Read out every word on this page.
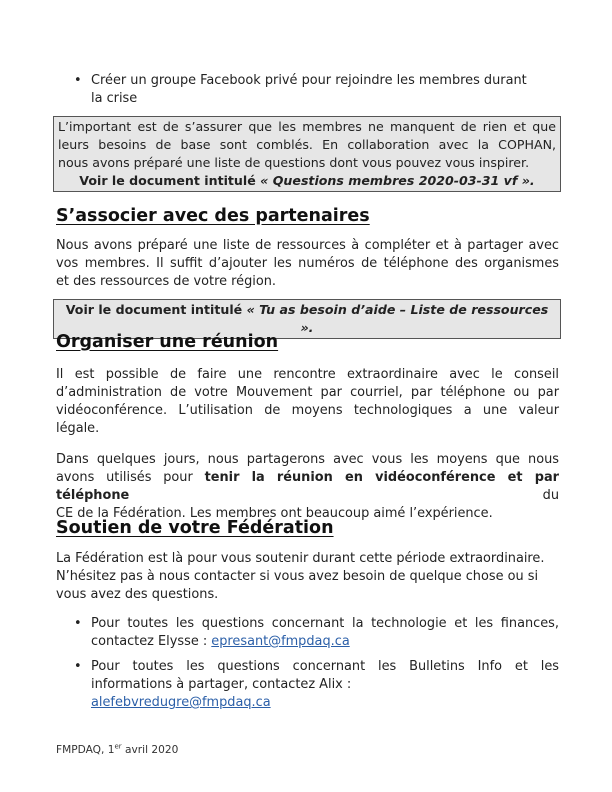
• Créer un groupe Facebook privé pour rejoindre les membres durant
la crise
L’important est de s’assurer que les membres ne manquent de rien et que
leurs besoins de base sont comblés. En collaboration avec la COPHAN,
nous avons préparé une liste de questions dont vous pouvez vous inspirer.
Voir le document intitulé « Questions membres 2020-03-31 vf ».
S’associer avec des partenaires
Nous avons préparé une liste de ressources à compléter et à partager avec
vos membres. Il suffit d’ajouter les numéros de téléphone des organismes
et des ressources de votre région.
Voir le document intitulé « Tu as besoin d’aide – Liste de ressources ».
Organiser une réunion
Il est possible de faire une rencontre extraordinaire avec le conseil
d’administration de votre Mouvement par courriel, par téléphone ou par
vidéoconférence. L’utilisation de moyens technologiques a une valeur
légale.
Dans quelques jours, nous partagerons avec vous les moyens que nous
avons utilisés pour tenir la réunion en vidéoconférence et par téléphone du
CE de la Fédération. Les membres ont beaucoup aimé l’expérience.
Soutien de votre Fédération
La Fédération est là pour vous soutenir durant cette période extraordinaire.
N’hésitez pas à nous contacter si vous avez besoin de quelque chose ou si
vous avez des questions.
• Pour toutes les questions concernant la technologie et les finances,
contactez Elysse : epresant@fmpdaq.ca
• Pour toutes les questions concernant les Bulletins Info et les
informations à partager, contactez Alix :
alefebvredugre@fmpdaq.ca
FMPDAQ, 1er avril 2020
